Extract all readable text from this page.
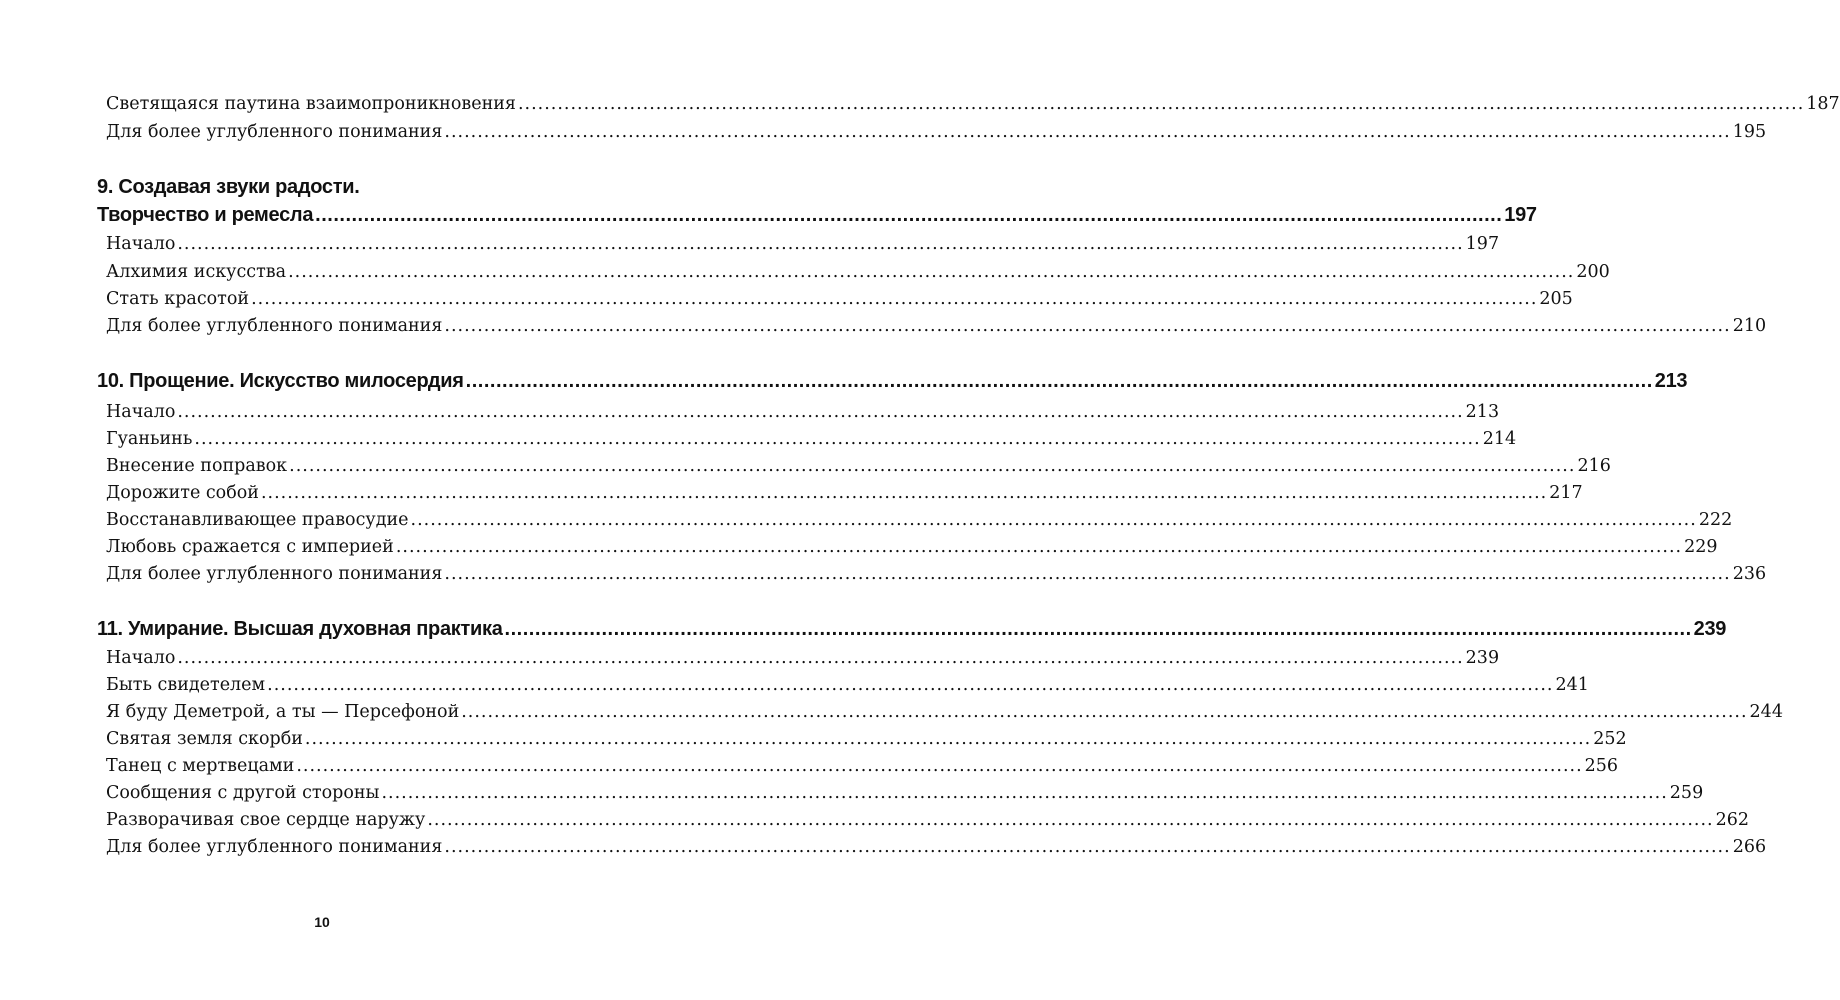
Светящаяся паутина взаимопроникновения .....	187
Для более углубленного понимания .....	195
9. Создавая звуки радости.
Творчество и ремесла .....	197
Начало .....	197
Алхимия искусства .....	200
Стать красотой .....	205
Для более углубленного понимания .....	210
10. Прощение. Искусство милосердия .....	213
Начало .....	213
Гуаньинь .....	214
Внесение поправок .....	216
Дорожите собой .....	217
Восстанавливающее правосудие .....	222
Любовь сражается с империей .....	229
Для более углубленного понимания .....	236
11. Умирание. Высшая духовная практика .....	239
Начало .....	239
Быть свидетелем .....	241
Я буду Деметрой, а ты — Персефоной .....	244
Святая земля скорби .....	252
Танец с мертвецами .....	256
Сообщения с другой стороны .....	259
Разворачивая свое сердце наружу .....	262
Для более углубленного понимания .....	266
10
